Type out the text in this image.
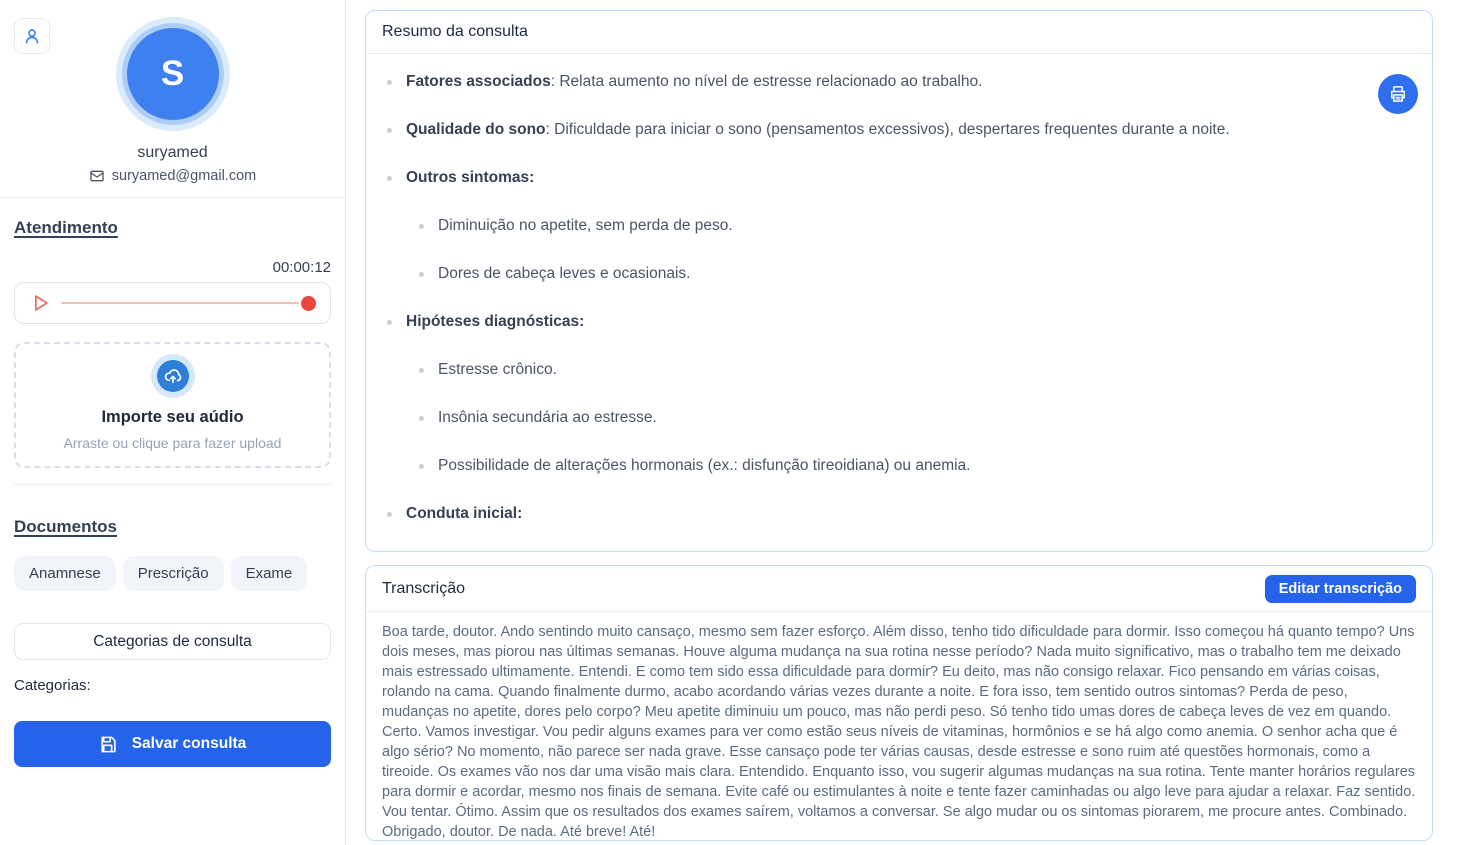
S
suryamed
suryamed@gmail.com
Atendimento
00:00:12
Importe seu aúdio
Arraste ou clique para fazer upload
Documentos
Anamnese	Prescrição	Exame
Categorias de consulta
Categorias:
Salvar consulta
Resumo da consulta
Fatores associados: Relata aumento no nível de estresse relacionado ao trabalho.
Qualidade do sono: Dificuldade para iniciar o sono (pensamentos excessivos), despertares frequentes durante a noite.
Outros sintomas:
Diminuição no apetite, sem perda de peso.
Dores de cabeça leves e ocasionais.
Hipóteses diagnósticas:
Estresse crônico.
Insônia secundária ao estresse.
Possibilidade de alterações hormonais (ex.: disfunção tireoidiana) ou anemia.
Conduta inicial:
Transcrição	Editar transcrição
Boa tarde, doutor. Ando sentindo muito cansaço, mesmo sem fazer esforço. Além disso, tenho tido dificuldade para dormir. Isso começou há quanto tempo? Uns dois meses, mas piorou nas últimas semanas. Houve alguma mudança na sua rotina nesse período? Nada muito significativo, mas o trabalho tem me deixado mais estressado ultimamente. Entendi. E como tem sido essa dificuldade para dormir? Eu deito, mas não consigo relaxar. Fico pensando em várias coisas, rolando na cama. Quando finalmente durmo, acabo acordando várias vezes durante a noite. E fora isso, tem sentido outros sintomas? Perda de peso, mudanças no apetite, dores pelo corpo? Meu apetite diminuiu um pouco, mas não perdi peso. Só tenho tido umas dores de cabeça leves de vez em quando. Certo. Vamos investigar. Vou pedir alguns exames para ver como estão seus níveis de vitaminas, hormônios e se há algo como anemia. O senhor acha que é algo sério? No momento, não parece ser nada grave. Esse cansaço pode ter várias causas, desde estresse e sono ruim até questões hormonais, como a tireoide. Os exames vão nos dar uma visão mais clara. Entendido. Enquanto isso, vou sugerir algumas mudanças na sua rotina. Tente manter horários regulares para dormir e acordar, mesmo nos finais de semana. Evite café ou estimulantes à noite e tente fazer caminhadas ou algo leve para ajudar a relaxar. Faz sentido. Vou tentar. Ótimo. Assim que os resultados dos exames saírem, voltamos a conversar. Se algo mudar ou os sintomas piorarem, me procure antes. Combinado. Obrigado, doutor. De nada. Até breve! Até!
